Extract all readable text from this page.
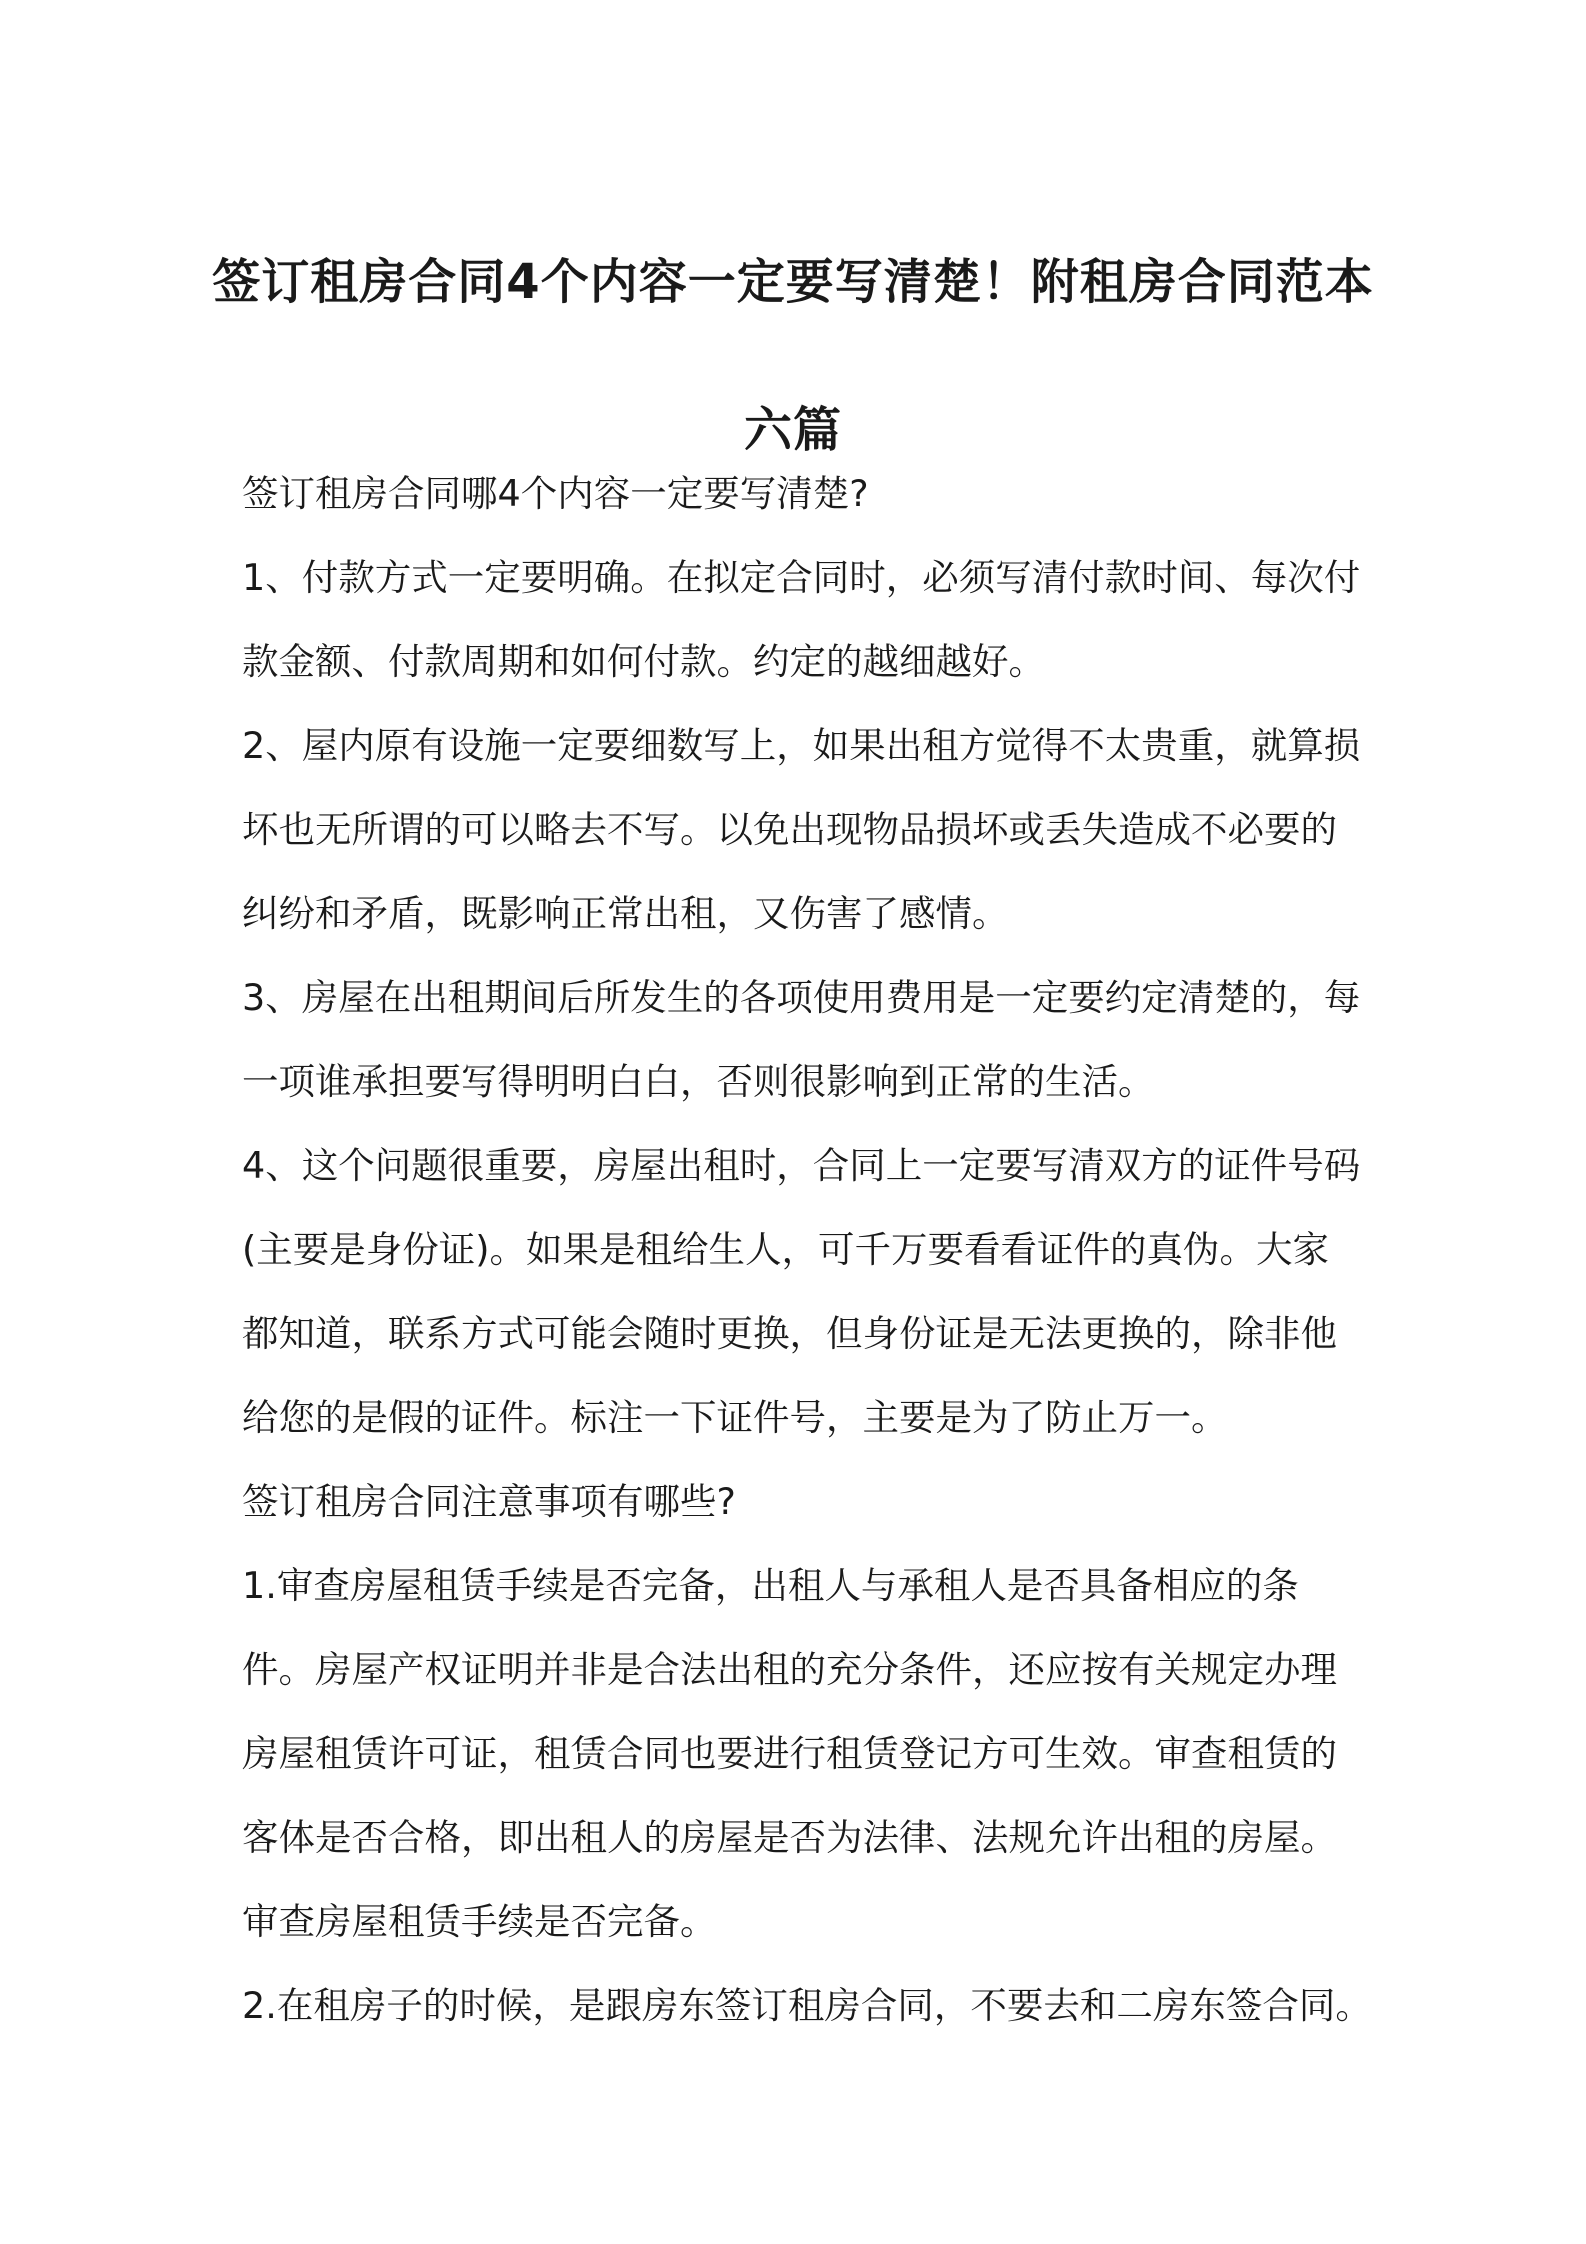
签订租房合同4个内容一定要写清楚！附租房合同范本六篇

签订租房合同哪4个内容一定要写清楚?

1、付款方式一定要明确。在拟定合同时，必须写清付款时间、每次付款金额、付款周期和如何付款。约定的越细越好。

2、屋内原有设施一定要细数写上，如果出租方觉得不太贵重，就算损坏也无所谓的可以略去不写。以免出现物品损坏或丢失造成不必要的纠纷和矛盾，既影响正常出租，又伤害了感情。

3、房屋在出租期间后所发生的各项使用费用是一定要约定清楚的，每一项谁承担要写得明明白白，否则很影响到正常的生活。

4、这个问题很重要，房屋出租时，合同上一定要写清双方的证件号码(主要是身份证)。如果是租给生人，可千万要看看证件的真伪。大家都知道，联系方式可能会随时更换，但身份证是无法更换的，除非他给您的是假的证件。标注一下证件号，主要是为了防止万一。

签订租房合同注意事项有哪些?

1.审查房屋租赁手续是否完备，出租人与承租人是否具备相应的条件。房屋产权证明并非是合法出租的充分条件，还应按有关规定办理房屋租赁许可证，租赁合同也要进行租赁登记方可生效。审查租赁的客体是否合格，即出租人的房屋是否为法律、法规允许出租的房屋。审查房屋租赁手续是否完备。

2.在租房子的时候，是跟房东签订租房合同，不要去和二房东签合同。
